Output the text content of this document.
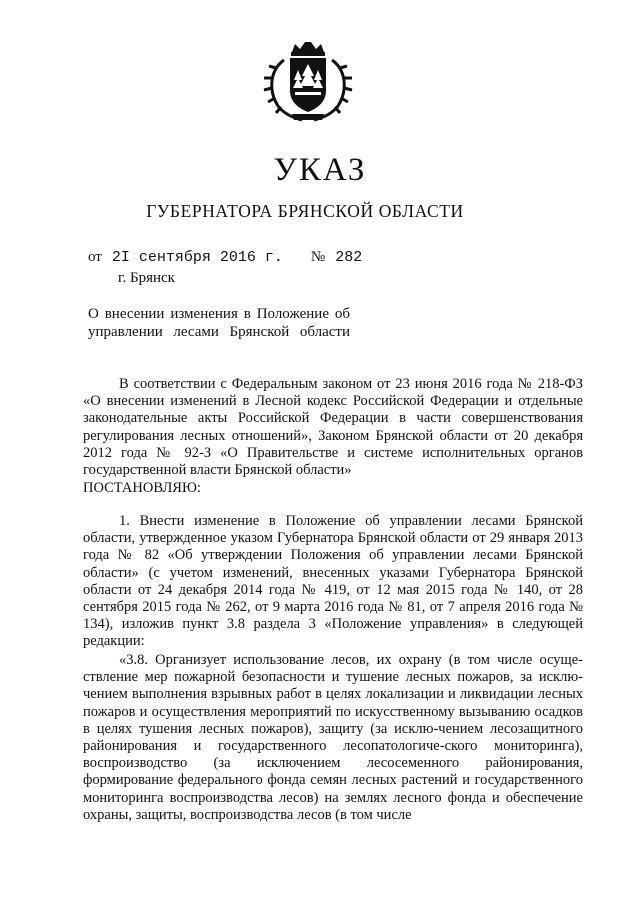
УКАЗ
ГУБЕРНАТОРА БРЯНСКОЙ ОБЛАСТИ
от 2I сентября 2016 г. № 282
г. Брянск
О внесении изменения в Положение об управлении лесами Брянской области
В соответствии с Федеральным законом от 23 июня 2016 года № 218-ФЗ «О внесении изменений в Лесной кодекс Российской Федерации и отдельные законодательные акты Российской Федерации в части совершенствования регулирования лесных отношений», Законом Брянской области от 20 декабря 2012 года № 92-З «О Правительстве и системе исполнительных органов государственной власти Брянской области»
ПОСТАНОВЛЯЮ:
1. Внести изменение в Положение об управлении лесами Брянской области, утвержденное указом Губернатора Брянской области от 29 января 2013 года № 82 «Об утверждении Положения об управлении лесами Брянской области» (с учетом изменений, внесенных указами Губернатора Брянской области от 24 декабря 2014 года № 419, от 12 мая 2015 года № 140, от 28 сентября 2015 года № 262, от 9 марта 2016 года № 81, от 7 апреля 2016 года № 134), изложив пункт 3.8 раздела 3 «Положение управления» в следующей редакции:
«3.8. Организует использование лесов, их охрану (в том числе осуще-ствление мер пожарной безопасности и тушение лесных пожаров, за исклю-чением выполнения взрывных работ в целях локализации и ликвидации лесных пожаров и осуществления мероприятий по искусственному вызыванию осадков в целях тушения лесных пожаров), защиту (за исклю-чением лесозащитного районирования и государственного лесопатологиче-ского мониторинга), воспроизводство (за исключением лесосеменного районирования, формирование федерального фонда семян лесных растений и государственного мониторинга воспроизводства лесов) на землях лесного фонда и обеспечение охраны, защиты, воспроизводства лесов (в том числе
